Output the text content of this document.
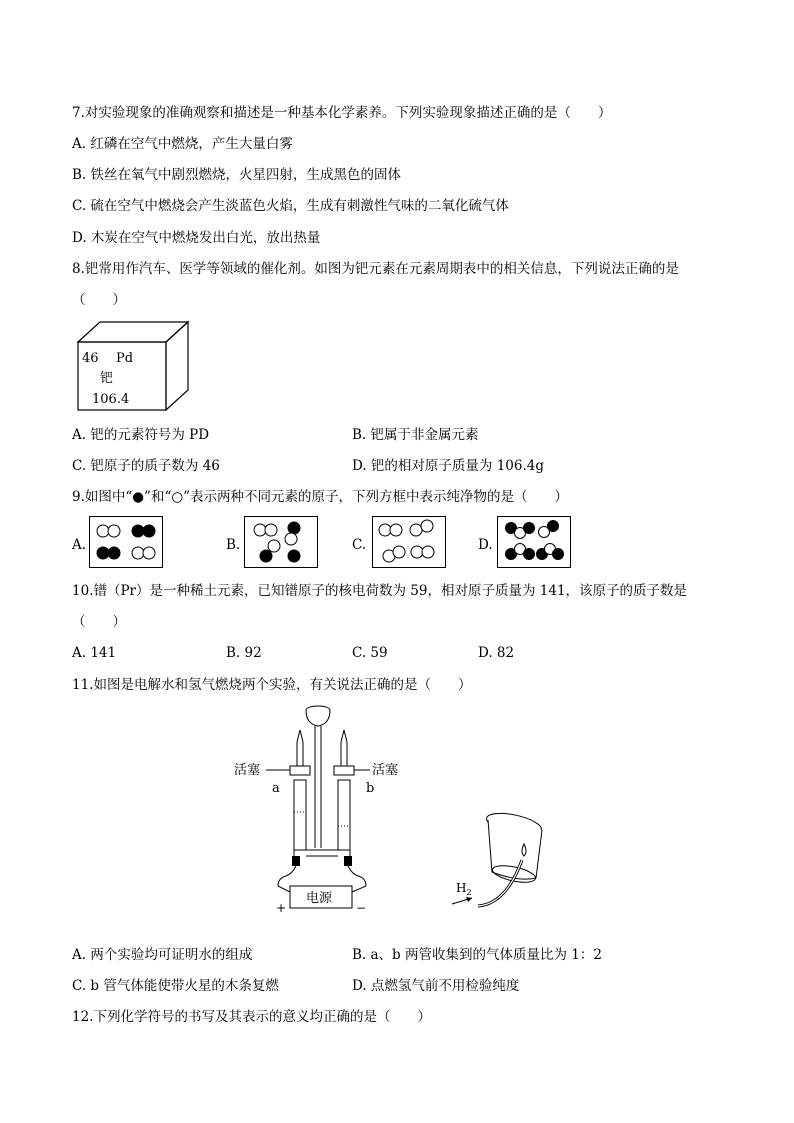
7.对实验现象的准确观察和描述是一种基本化学素养。下列实验现象描述正确的是（　　）
A. 红磷在空气中燃烧，产生大量白雾
B. 铁丝在氧气中剧烈燃烧，火星四射，生成黑色的固体
C. 硫在空气中燃烧会产生淡蓝色火焰，生成有刺激性气味的二氧化硫气体
D. 木炭在空气中燃烧发出白光，放出热量
8.钯常用作汽车、医学等领域的催化剂。如图为钯元素在元素周期表中的相关信息，下列说法正确的是
（　　）
46 Pd
钯
106.4
A. 钯的元素符号为 PD	B. 钯属于非金属元素
C. 钯原子的质子数为 46	D. 钯的相对原子质量为 106.4g
9.如图中“●”和“○”表示两种不同元素的原子，下列方框中表示纯净物的是（　　）
A.	B.	C.	D.
10.镨（Pr）是一种稀土元素，已知镨原子的核电荷数为 59，相对原子质量为 141，该原子的质子数是
（　　）
A. 141	B. 92	C. 59	D. 82
11.如图是电解水和氢气燃烧两个实验，有关说法正确的是（　　）
活塞	活塞
a	b
电源
+	−
$H_2$
A. 两个实验均可证明水的组成	B. a、b 两管收集到的气体质量比为 1：2
C. b 管气体能使带火星的木条复燃	D. 点燃氢气前不用检验纯度
12.下列化学符号的书写及其表示的意义均正确的是（　　）
